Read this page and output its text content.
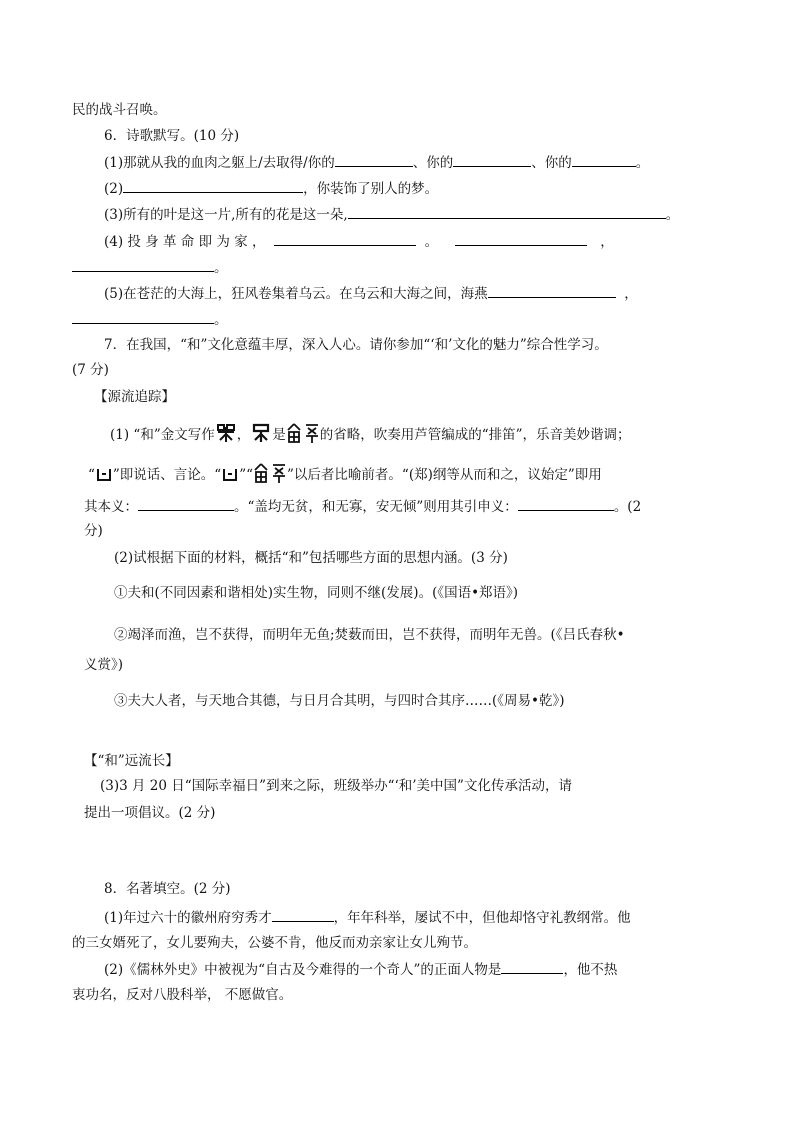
民的战斗召唤。
6．诗歌默写。(10 分)
(1)那就从我的血肉之躯上/去取得/你的	、你的	、你的	。
(2)	，你装饰了别人的梦。
(3)所有的叶是这一片,所有的花是这一朵,	。
(4) 投 身 革 命 即 为 家 ，	。	，
。
(5)在苍茫的大海上，狂风卷集着乌云。在乌云和大海之间，海燕	，
。
7．在我国，“和”文化意蕴丰厚，深入人心。请你参加“‘和’文化的魅力”综合性学习。
(7 分)
【源流追踪】
(1) “和”金文写作 ， 是	的省略，吹奏用芦管编成的“排笛”，乐音美妙谐调；
“ ”即说话、言论。“ ”“	”以后者比喻前者。“(郑)纲等从而和之，议始定”即用
其本义：	。“盖均无贫，和无寡，安无倾”则用其引申义：	。(2
分)
(2)试根据下面的材料，概括“和”包括哪些方面的思想内涵。(3 分)
①夫和(不同因素和谐相处)实生物，同则不继(发展)。(《国语•郑语》)
②竭泽而渔，岂不获得，而明年无鱼;焚薮而田，岂不获得，而明年无兽。(《吕氏春秋•
义赏》)
③夫大人者，与天地合其德，与日月合其明，与四时合其序……(《周易•乾》)
【“和”远流长】
(3)3 月 20 日“国际幸福日”到来之际，班级举办“‘和’美中国”文化传承活动，请
提出一项倡议。(2 分)
8．名著填空。(2 分)
(1)年过六十的徽州府穷秀才	，年年科举，屡试不中，但他却恪守礼教纲常。他
的三女婿死了，女儿要殉夫，公婆不肯，他反而劝亲家让女儿殉节。
(2)《儒林外史》中被视为“自古及今难得的一个奇人”的正面人物是	，他不热
衷功名，反对八股科举， 不愿做官。
